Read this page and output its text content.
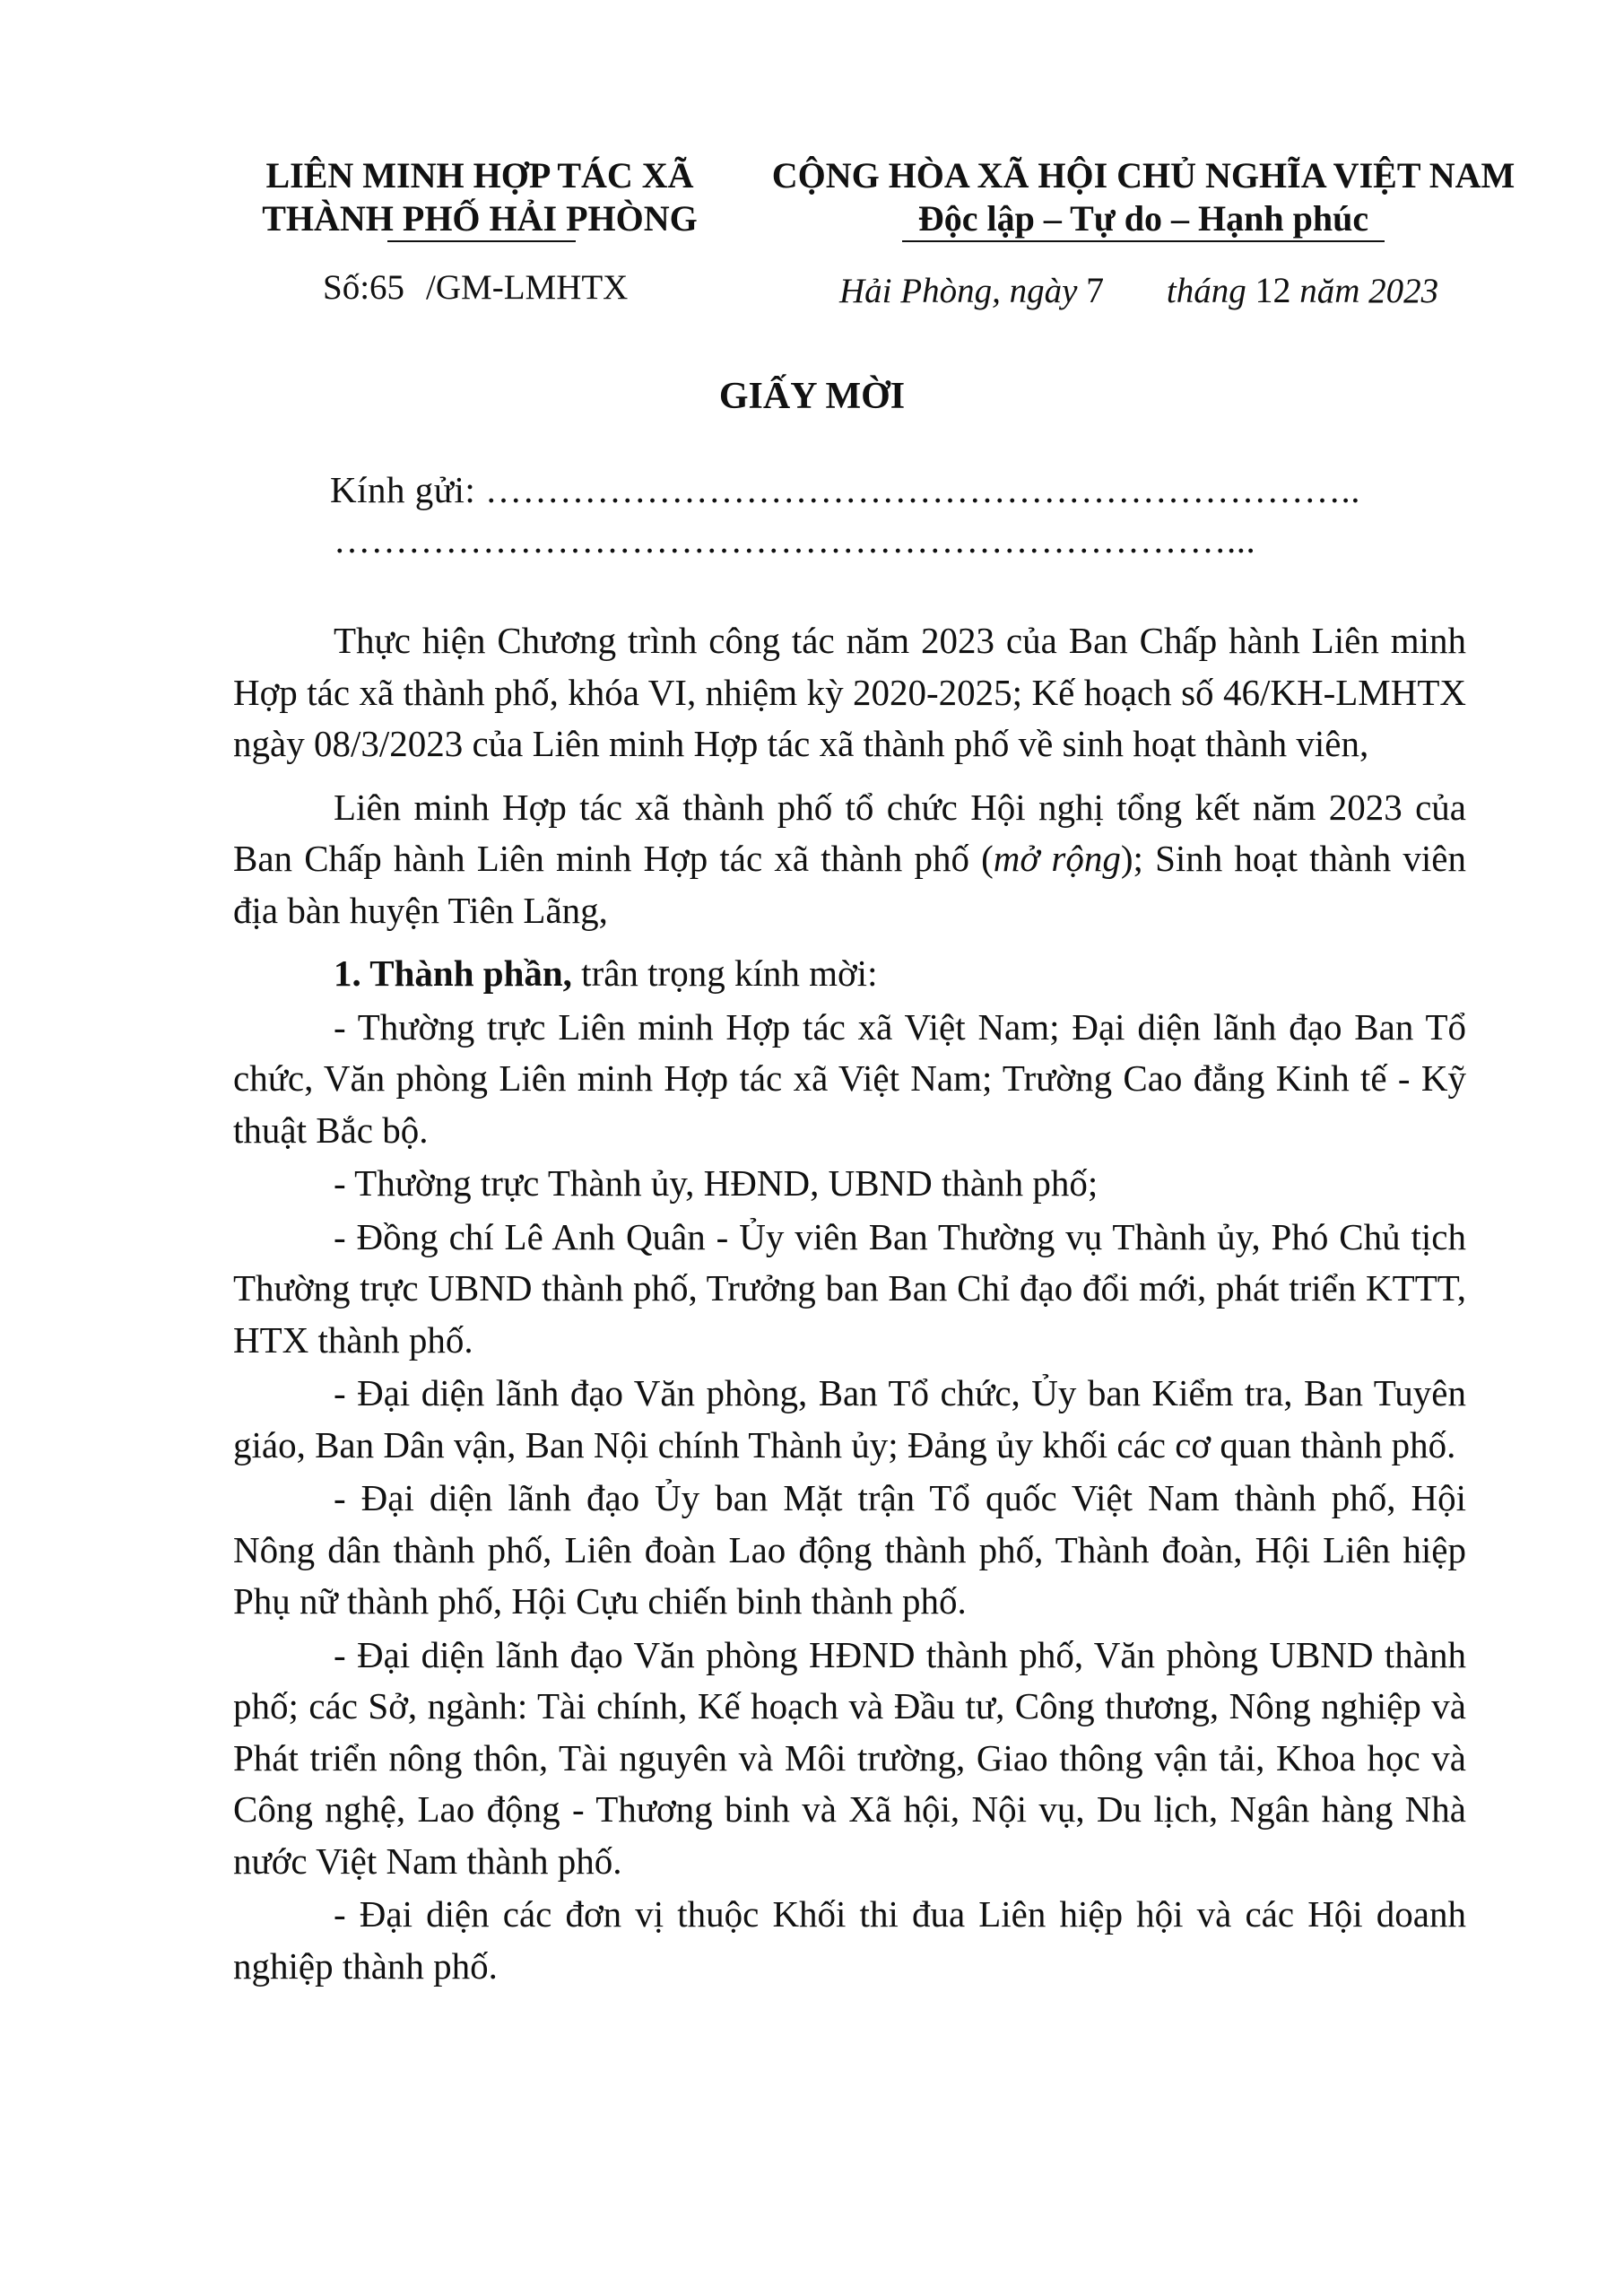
LIÊN MINH HỢP TÁC XÃ
THÀNH PHỐ HẢI PHÒNG
CỘNG HÒA XÃ HỘI CHỦ NGHĨA VIỆT NAM
Độc lập – Tự do – Hạnh phúc
Số:65 /GM-LMHTX	Hải Phòng, ngày 7 tháng 12 năm 2023
GIẤY MỜI
Kính gửi: ……………………………………………………………..
………………………………………………………………...

Thực hiện Chương trình công tác năm 2023 của Ban Chấp hành Liên minh Hợp tác xã thành phố, khóa VI, nhiệm kỳ 2020-2025; Kế hoạch số 46/KH-LMHTX ngày 08/3/2023 của Liên minh Hợp tác xã thành phố về sinh hoạt thành viên,

Liên minh Hợp tác xã thành phố tổ chức Hội nghị tổng kết năm 2023 của Ban Chấp hành Liên minh Hợp tác xã thành phố (mở rộng); Sinh hoạt thành viên địa bàn huyện Tiên Lãng,

1. Thành phần, trân trọng kính mời:

- Thường trực Liên minh Hợp tác xã Việt Nam; Đại diện lãnh đạo Ban Tổ chức, Văn phòng Liên minh Hợp tác xã Việt Nam; Trường Cao đẳng Kinh tế - Kỹ thuật Bắc bộ.

- Thường trực Thành ủy, HĐND, UBND thành phố;

- Đồng chí Lê Anh Quân - Ủy viên Ban Thường vụ Thành ủy, Phó Chủ tịch Thường trực UBND thành phố, Trưởng ban Ban Chỉ đạo đổi mới, phát triển KTTT, HTX thành phố.

- Đại diện lãnh đạo Văn phòng, Ban Tổ chức, Ủy ban Kiểm tra, Ban Tuyên giáo, Ban Dân vận, Ban Nội chính Thành ủy; Đảng ủy khối các cơ quan thành phố.

- Đại diện lãnh đạo Ủy ban Mặt trận Tổ quốc Việt Nam thành phố, Hội Nông dân thành phố, Liên đoàn Lao động thành phố, Thành đoàn, Hội Liên hiệp Phụ nữ thành phố, Hội Cựu chiến binh thành phố.

- Đại diện lãnh đạo Văn phòng HĐND thành phố, Văn phòng UBND thành phố; các Sở, ngành: Tài chính, Kế hoạch và Đầu tư, Công thương, Nông nghiệp và Phát triển nông thôn, Tài nguyên và Môi trường, Giao thông vận tải, Khoa học và Công nghệ, Lao động - Thương binh và Xã hội, Nội vụ, Du lịch, Ngân hàng Nhà nước Việt Nam thành phố.

- Đại diện các đơn vị thuộc Khối thi đua Liên hiệp hội và các Hội doanh nghiệp thành phố.
